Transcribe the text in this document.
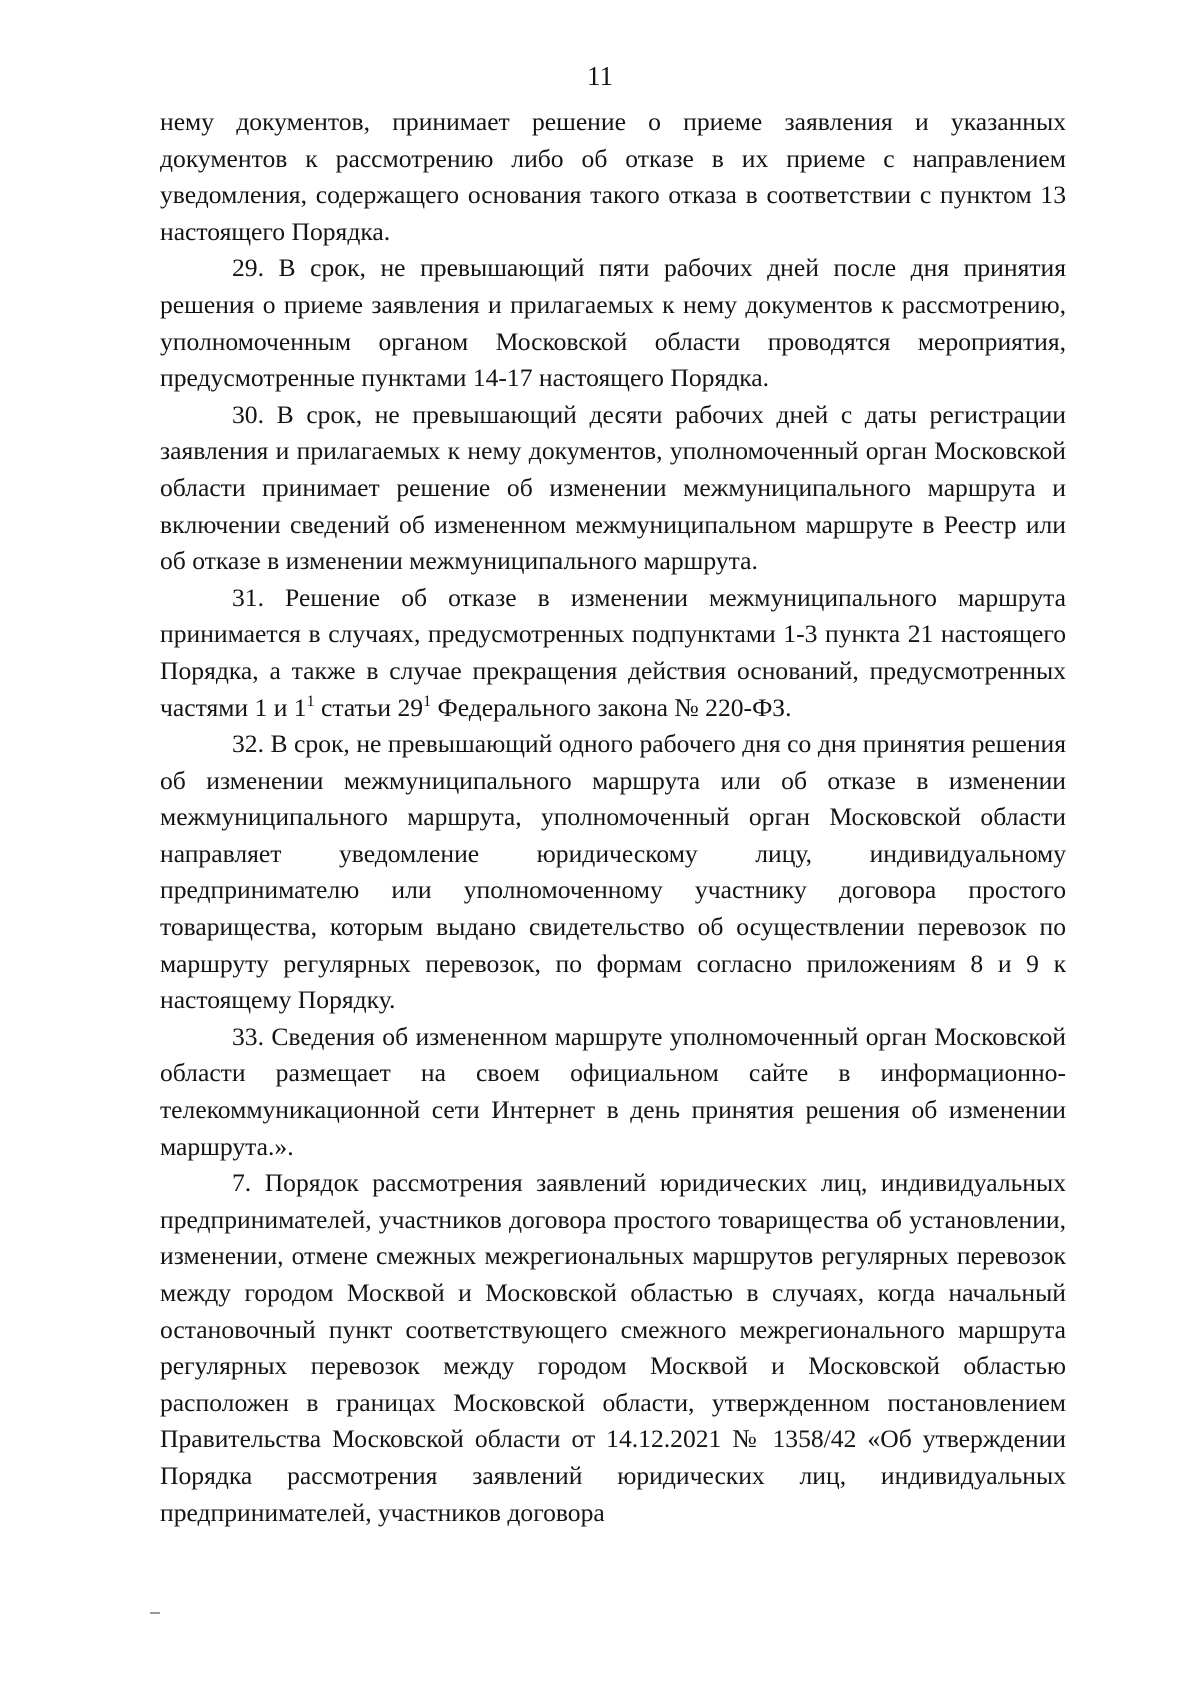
11

нему документов, принимает решение о приеме заявления и указанных документов к рассмотрению либо об отказе в их приеме с направлением уведомления, содержащего основания такого отказа в соответствии с пунктом 13 настоящего Порядка.

29. В срок, не превышающий пяти рабочих дней после дня принятия решения о приеме заявления и прилагаемых к нему документов к рассмотрению, уполномоченным органом Московской области проводятся мероприятия, предусмотренные пунктами 14-17 настоящего Порядка.

30. В срок, не превышающий десяти рабочих дней с даты регистрации заявления и прилагаемых к нему документов, уполномоченный орган Московской области принимает решение об изменении межмуниципального маршрута и включении сведений об измененном межмуниципальном маршруте в Реестр или об отказе в изменении межмуниципального маршрута.

31. Решение об отказе в изменении межмуниципального маршрута принимается в случаях, предусмотренных подпунктами 1-3 пункта 21 настоящего Порядка, а также в случае прекращения действия оснований, предусмотренных частями 1 и $1^1$ статьи $29^1$ Федерального закона № 220-ФЗ.

32. В срок, не превышающий одного рабочего дня со дня принятия решения об изменении межмуниципального маршрута или об отказе в изменении межмуниципального маршрута, уполномоченный орган Московской области направляет уведомление юридическому лицу, индивидуальному предпринимателю или уполномоченному участнику договора простого товарищества, которым выдано свидетельство об осуществлении перевозок по маршруту регулярных перевозок, по формам согласно приложениям 8 и 9 к настоящему Порядку.

33. Сведения об измененном маршруте уполномоченный орган Московской области размещает на своем официальном сайте в информационно-телекоммуникационной сети Интернет в день принятия решения об изменении маршрута.».

7. Порядок рассмотрения заявлений юридических лиц, индивидуальных предпринимателей, участников договора простого товарищества об установлении, изменении, отмене смежных межрегиональных маршрутов регулярных перевозок между городом Москвой и Московской областью в случаях, когда начальный остановочный пункт соответствующего смежного межрегионального маршрута регулярных перевозок между городом Москвой и Московской областью расположен в границах Московской области, утвержденном постановлением Правительства Московской области от 14.12.2021 № 1358/42 «Об утверждении Порядка рассмотрения заявлений юридических лиц, индивидуальных предпринимателей, участников договора
